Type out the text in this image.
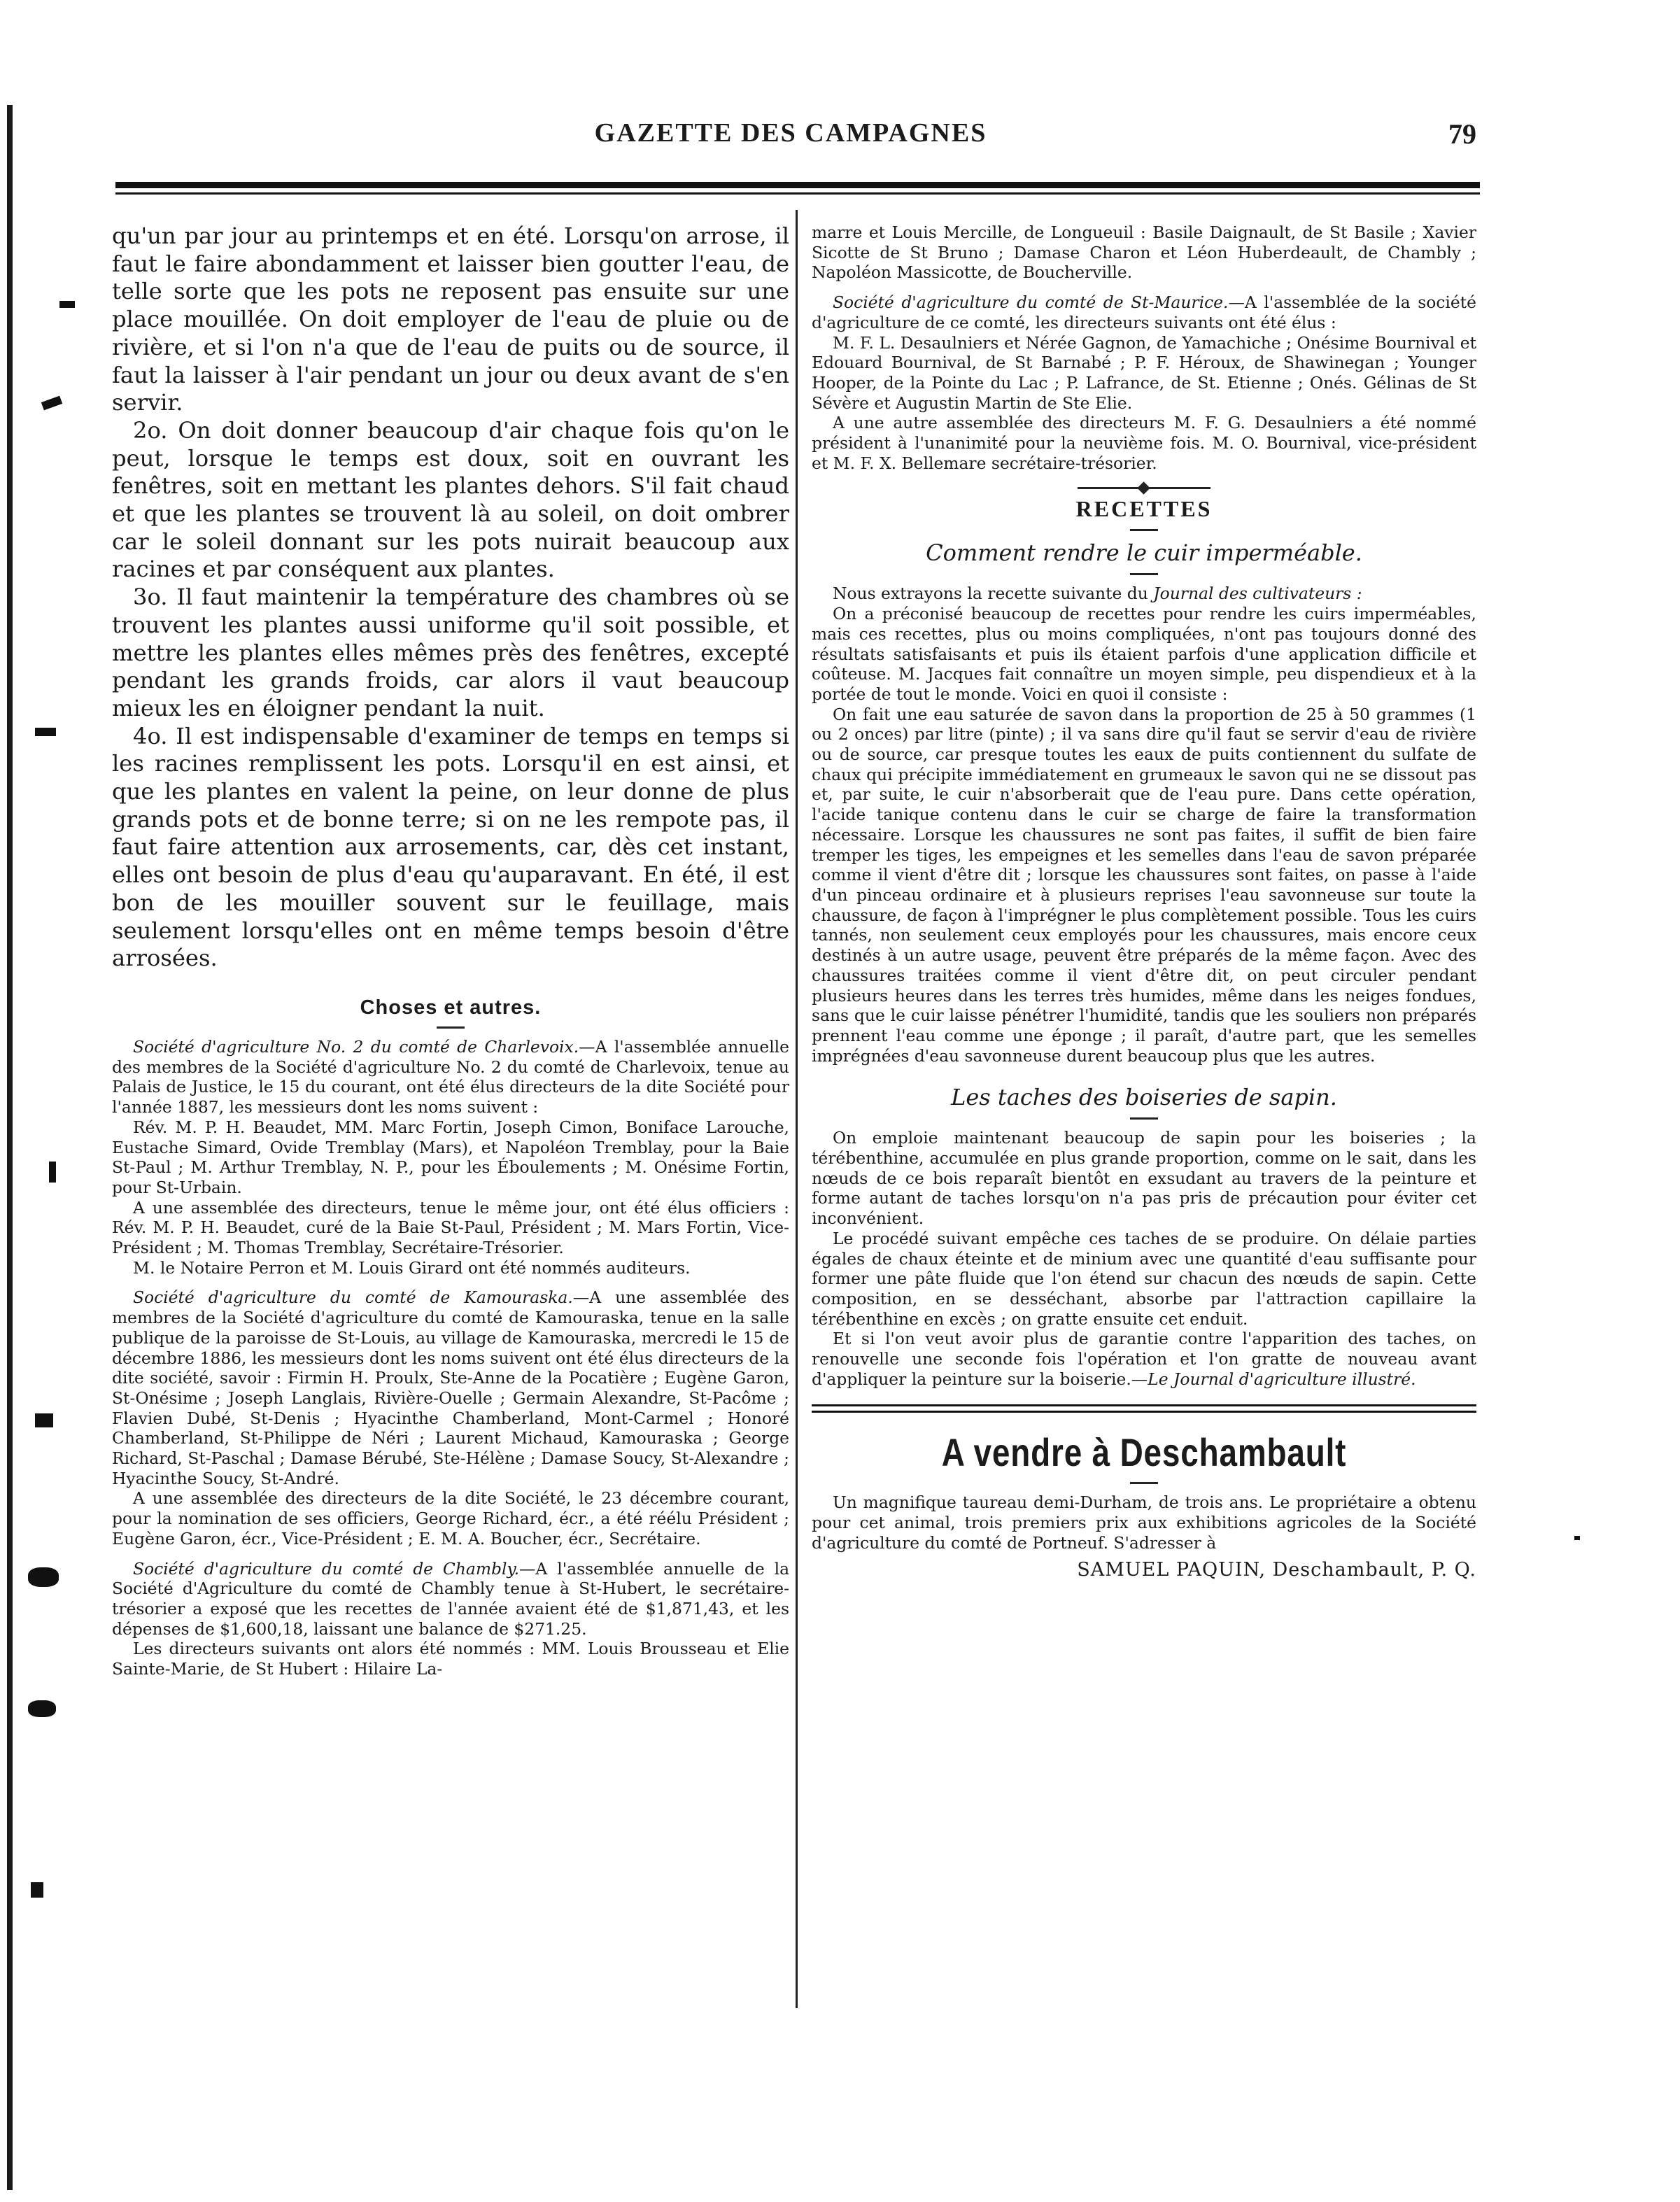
GAZETTE DES CAMPAGNES	79

qu'un par jour au printemps et en été. Lorsqu'on arrose, il faut le faire abondamment et laisser bien goutter l'eau, de telle sorte que les pots ne reposent pas ensuite sur une place mouillée. On doit employer de l'eau de pluie ou de rivière, et si l'on n'a que de l'eau de puits ou de source, il faut la laisser à l'air pendant un jour ou deux avant de s'en servir.

2o. On doit donner beaucoup d'air chaque fois qu'on le peut, lorsque le temps est doux, soit en ouvrant les fenêtres, soit en mettant les plantes dehors. S'il fait chaud et que les plantes se trouvent là au soleil, on doit ombrer car le soleil donnant sur les pots nuirait beaucoup aux racines et par conséquent aux plantes.

3o. Il faut maintenir la température des chambres où se trouvent les plantes aussi uniforme qu'il soit possible, et mettre les plantes elles mêmes près des fenêtres, excepté pendant les grands froids, car alors il vaut beaucoup mieux les en éloigner pendant la nuit.

4o. Il est indispensable d'examiner de temps en temps si les racines remplissent les pots. Lorsqu'il en est ainsi, et que les plantes en valent la peine, on leur donne de plus grands pots et de bonne terre; si on ne les rempote pas, il faut faire attention aux arrosements, car, dès cet instant, elles ont besoin de plus d'eau qu'auparavant. En été, il est bon de les mouiller souvent sur le feuillage, mais seulement lorsqu'elles ont en même temps besoin d'être arrosées.

Choses et autres.

Société d'agriculture No. 2 du comté de Charlevoix.—A l'assemblée annuelle des membres de la Société d'agriculture No. 2 du comté de Charlevoix, tenue au Palais de Justice, le 15 du courant, ont été élus directeurs de la dite Société pour l'année 1887, les messieurs dont les noms suivent :

Rév. M. P. H. Beaudet, MM. Marc Fortin, Joseph Cimon, Boniface Larouche, Eustache Simard, Ovide Tremblay (Mars), et Napoléon Tremblay, pour la Baie St-Paul ; M. Arthur Tremblay, N. P., pour les Éboulements ; M. Onésime Fortin, pour St-Urbain.

A une assemblée des directeurs, tenue le même jour, ont été élus officiers : Rév. M. P. H. Beaudet, curé de la Baie St-Paul, Président ; M. Mars Fortin, Vice-Président ; M. Thomas Tremblay, Secrétaire-Trésorier.

M. le Notaire Perron et M. Louis Girard ont été nommés auditeurs.

Société d'agriculture du comté de Kamouraska.—A une assemblée des membres de la Société d'agriculture du comté de Kamouraska, tenue en la salle publique de la paroisse de St-Louis, au village de Kamouraska, mercredi le 15 de décembre 1886, les messieurs dont les noms suivent ont été élus directeurs de la dite société, savoir : Firmin H. Proulx, Ste-Anne de la Pocatière ; Eugène Garon, St-Onésime ; Joseph Langlais, Rivière-Ouelle ; Germain Alexandre, St-Pacôme ; Flavien Dubé, St-Denis ; Hyacinthe Chamberland, Mont-Carmel ; Honoré Chamberland, St-Philippe de Néri ; Laurent Michaud, Kamouraska ; George Richard, St-Paschal ; Damase Bérubé, Ste-Hélène ; Damase Soucy, St-Alexandre ; Hyacinthe Soucy, St-André.

A une assemblée des directeurs de la dite Société, le 23 décembre courant, pour la nomination de ses officiers, George Richard, écr., a été réélu Président ; Eugène Garon, écr., Vice-Président ; E. M. A. Boucher, écr., Secrétaire.

Société d'agriculture du comté de Chambly.—A l'assemblée annuelle de la Société d'Agriculture du comté de Chambly tenue à St-Hubert, le secrétaire-trésorier a exposé que les recettes de l'année avaient été de $1,871,43, et les dépenses de $1,600,18, laissant une balance de $271.25.

Les directeurs suivants ont alors été nommés : MM. Louis Brousseau et Elie Sainte-Marie, de St Hubert : Hilaire La-

marre et Louis Mercille, de Longueuil : Basile Daignault, de St Basile ; Xavier Sicotte de St Bruno ; Damase Charon et Léon Huberdeault, de Chambly ; Napoléon Massicotte, de Boucherville.

Société d'agriculture du comté de St-Maurice.—A l'assemblée de la société d'agriculture de ce comté, les directeurs suivants ont été élus :

M. F. L. Desaulniers et Nérée Gagnon, de Yamachiche ; Onésime Bournival et Edouard Bournival, de St Barnabé ; P. F. Héroux, de Shawinegan ; Younger Hooper, de la Pointe du Lac ; P. Lafrance, de St. Etienne ; Onés. Gélinas de St Sévère et Augustin Martin de Ste Elie.

A une autre assemblée des directeurs M. F. G. Desaulniers a été nommé président à l'unanimité pour la neuvième fois. M. O. Bournival, vice-président et M. F. X. Bellemare secrétaire-trésorier.

RECETTES
Comment rendre le cuir imperméable.

Nous extrayons la recette suivante du Journal des cultivateurs :

On a préconisé beaucoup de recettes pour rendre les cuirs imperméables, mais ces recettes, plus ou moins compliquées, n'ont pas toujours donné des résultats satisfaisants et puis ils étaient parfois d'une application difficile et coûteuse. M. Jacques fait connaître un moyen simple, peu dispendieux et à la portée de tout le monde. Voici en quoi il consiste :

On fait une eau saturée de savon dans la proportion de 25 à 50 grammes (1 ou 2 onces) par litre (pinte) ; il va sans dire qu'il faut se servir d'eau de rivière ou de source, car presque toutes les eaux de puits contiennent du sulfate de chaux qui précipite immédiatement en grumeaux le savon qui ne se dissout pas et, par suite, le cuir n'absorberait que de l'eau pure. Dans cette opération, l'acide tanique contenu dans le cuir se charge de faire la transformation nécessaire. Lorsque les chaussures ne sont pas faites, il suffit de bien faire tremper les tiges, les empeignes et les semelles dans l'eau de savon préparée comme il vient d'être dit ; lorsque les chaussures sont faites, on passe à l'aide d'un pinceau ordinaire et à plusieurs reprises l'eau savonneuse sur toute la chaussure, de façon à l'imprégner le plus complètement possible. Tous les cuirs tannés, non seulement ceux employés pour les chaussures, mais encore ceux destinés à un autre usage, peuvent être préparés de la même façon. Avec des chaussures traitées comme il vient d'être dit, on peut circuler pendant plusieurs heures dans les terres très humides, même dans les neiges fondues, sans que le cuir laisse pénétrer l'humidité, tandis que les souliers non préparés prennent l'eau comme une éponge ; il paraît, d'autre part, que les semelles imprégnées d'eau savonneuse durent beaucoup plus que les autres.

Les taches des boiseries de sapin.

On emploie maintenant beaucoup de sapin pour les boiseries ; la térébenthine, accumulée en plus grande proportion, comme on le sait, dans les nœuds de ce bois reparaît bientôt en exsudant au travers de la peinture et forme autant de taches lorsqu'on n'a pas pris de précaution pour éviter cet inconvénient.

Le procédé suivant empêche ces taches de se produire. On délaie parties égales de chaux éteinte et de minium avec une quantité d'eau suffisante pour former une pâte fluide que l'on étend sur chacun des nœuds de sapin. Cette composition, en se desséchant, absorbe par l'attraction capillaire la térébenthine en excès ; on gratte ensuite cet enduit.

Et si l'on veut avoir plus de garantie contre l'apparition des taches, on renouvelle une seconde fois l'opération et l'on gratte de nouveau avant d'appliquer la peinture sur la boiserie.—Le Journal d'agriculture illustré.

A vendre à Deschambault

Un magnifique taureau demi-Durham, de trois ans. Le propriétaire a obtenu pour cet animal, trois premiers prix aux exhibitions agricoles de la Société d'agriculture du comté de Portneuf. S'adresser à

SAMUEL PAQUIN, Deschambault, P. Q.
